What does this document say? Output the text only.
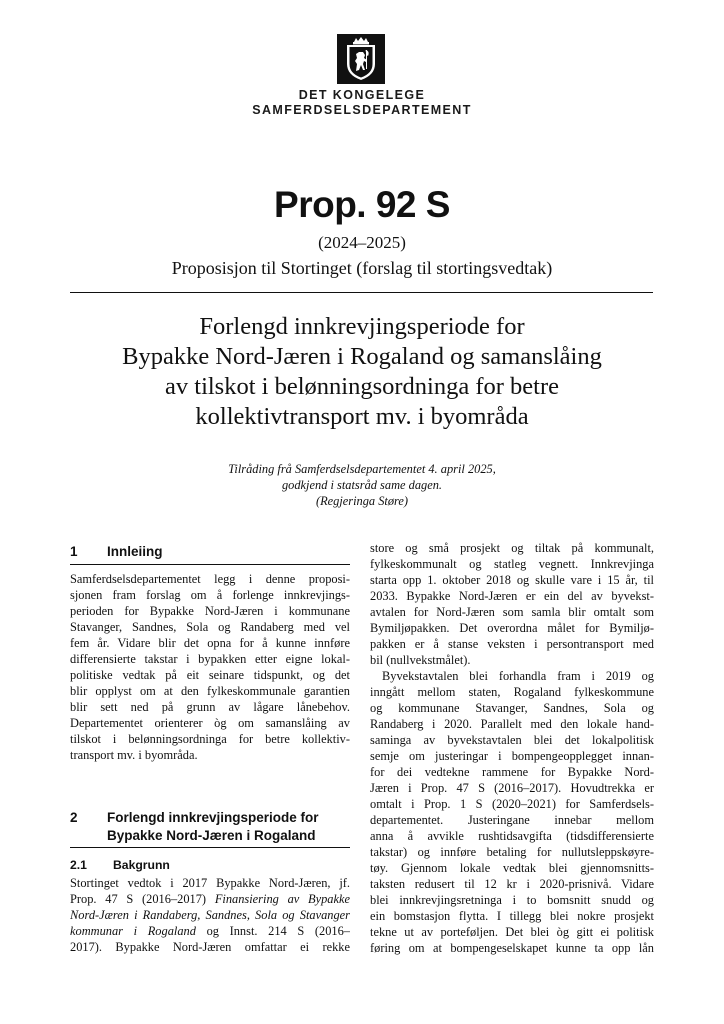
DET KONGELEGE
SAMFERDSELSDEPARTEMENT
Prop. 92 S
(2024–2025)
Proposisjon til Stortinget (forslag til stortingsvedtak)
Forlengd innkrevjingsperiode for
Bypakke Nord-Jæren i Rogaland og samanslåing
av tilskot i belønningsordninga for betre
kollektivtransport mv. i byområda
Tilråding frå Samferdselsdepartementet 4. april 2025,
godkjend i statsråd same dagen.
(Regjeringa Støre)
1 Innleiing
Samferdselsdepartementet legg i denne proposi-
sjonen fram forslag om å forlenge innkrevjings-
perioden for Bypakke Nord-Jæren i kommunane
Stavanger, Sandnes, Sola og Randaberg med vel
fem år. Vidare blir det opna for å kunne innføre
differensierte takstar i bypakken etter eigne lokal-
politiske vedtak på eit seinare tidspunkt, og det
blir opplyst om at den fylkeskommunale garantien
blir sett ned på grunn av lågare lånebehov.
Departementet orienterer òg om samanslåing av
tilskot i belønningsordninga for betre kollektiv-
transport mv. i byområda.
2 Forlengd innkrevjingsperiode for
Bypakke Nord-Jæren i Rogaland
2.1 Bakgrunn
Stortinget vedtok i 2017 Bypakke Nord-Jæren, jf.
Prop. 47 S (2016–2017) Finansiering av Bypakke
Nord-Jæren i Randaberg, Sandnes, Sola og Stavanger
kommunar i Rogaland og Innst. 214 S (2016–
2017). Bypakke Nord-Jæren omfattar ei rekke
store og små prosjekt og tiltak på kommunalt,
fylkeskommunalt og statleg vegnett. Innkrevjinga
starta opp 1. oktober 2018 og skulle vare i 15 år, til
2033. Bypakke Nord-Jæren er ein del av byvekst-
avtalen for Nord-Jæren som samla blir omtalt som
Bymiljøpakken. Det overordna målet for Bymiljø-
pakken er å stanse veksten i persontransport med
bil (nullvekstmålet).
Byvekstavtalen blei forhandla fram i 2019 og
inngått mellom staten, Rogaland fylkeskommune
og kommunane Stavanger, Sandnes, Sola og
Randaberg i 2020. Parallelt med den lokale hand-
saminga av byvekstavtalen blei det lokalpolitisk
semje om justeringar i bompengeopplegget innan-
for dei vedtekne rammene for Bypakke Nord-
Jæren i Prop. 47 S (2016–2017). Hovudtrekka er
omtalt i Prop. 1 S (2020–2021) for Samferdsels-
departementet. Justeringane innebar mellom
anna å avvikle rushtidsavgifta (tidsdifferensierte
takstar) og innføre betaling for nullutsleppskøyre-
tøy. Gjennom lokale vedtak blei gjennomsnitts-
taksten redusert til 12 kr i 2020-prisnivå. Vidare
blei innkrevjingsretninga i to bomsnitt snudd og
ein bomstasjon flytta. I tillegg blei nokre prosjekt
tekne ut av porteføljen. Det blei òg gitt ei politisk
føring om at bompengeselskapet kunne ta opp lån
